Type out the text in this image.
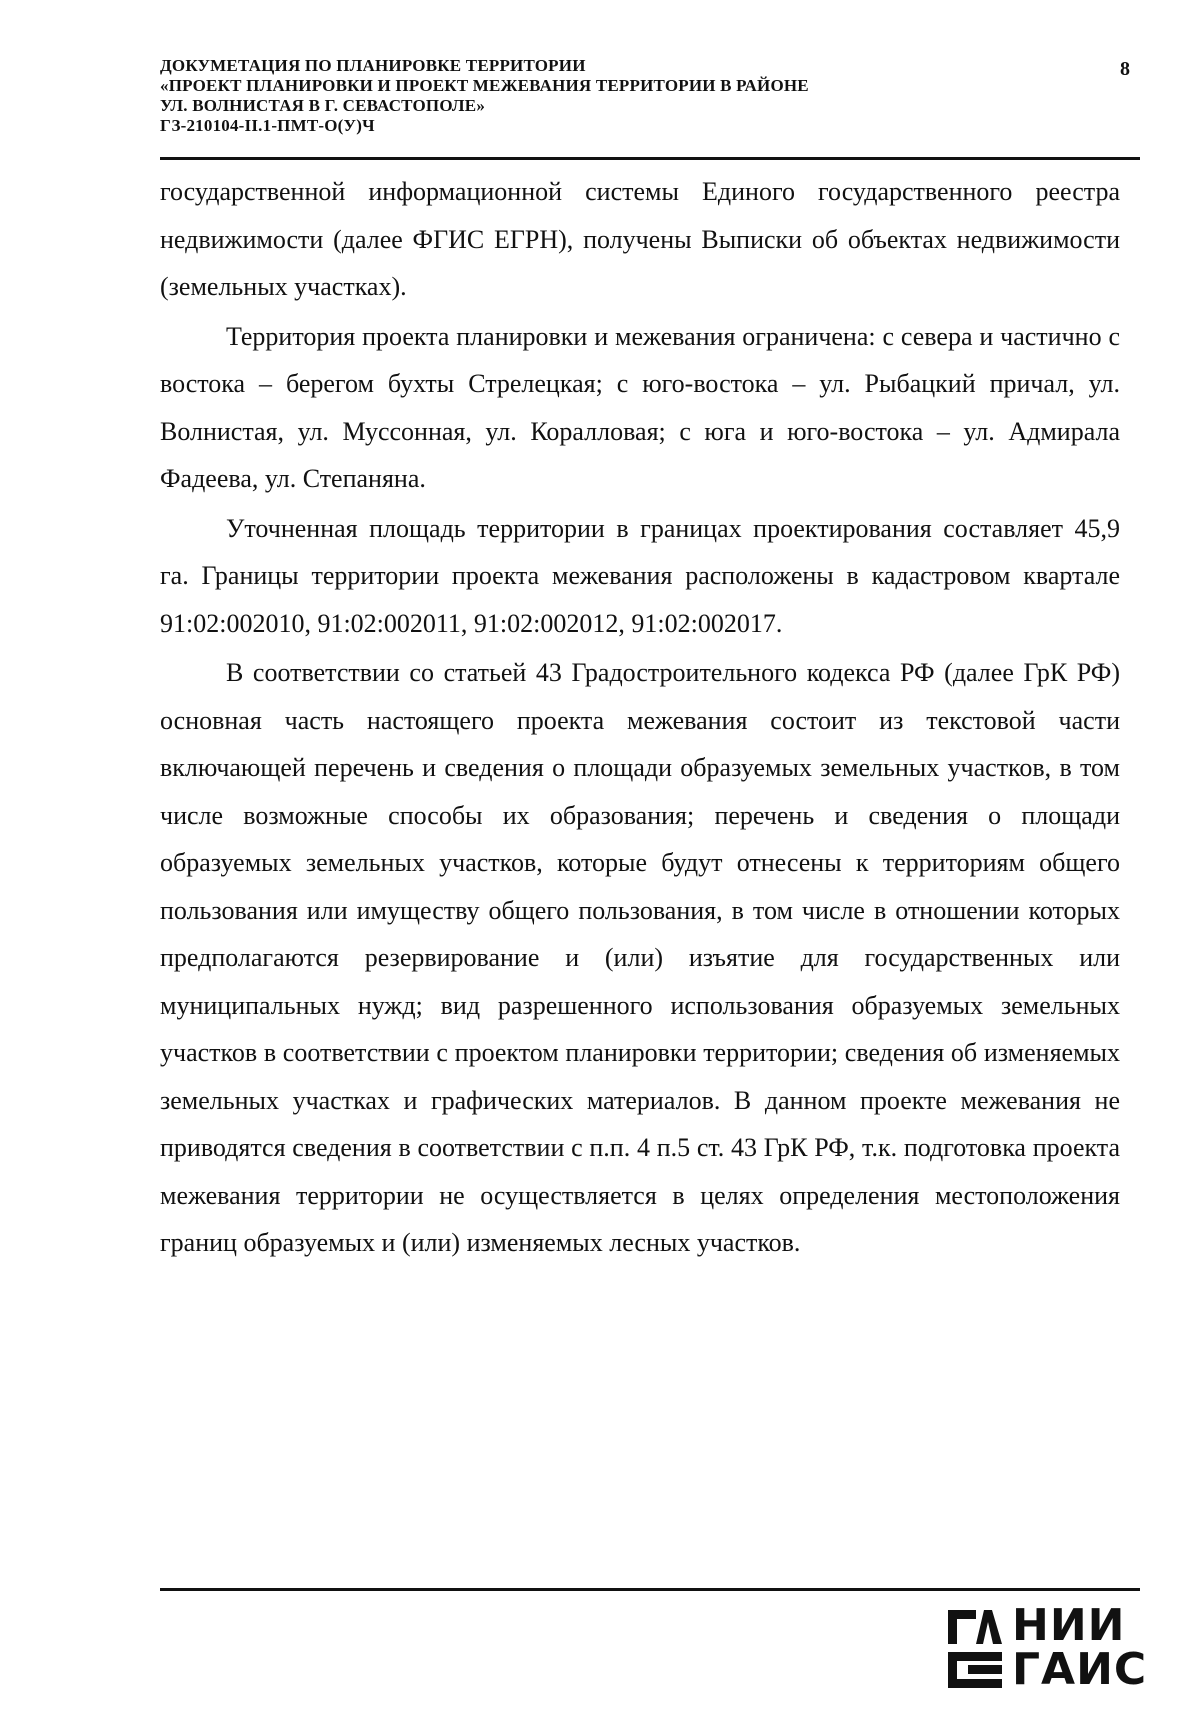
ДОКУМЕТАЦИЯ ПО ПЛАНИРОВКЕ ТЕРРИТОРИИ
«ПРОЕКТ ПЛАНИРОВКИ И ПРОЕКТ МЕЖЕВАНИЯ ТЕРРИТОРИИ В РАЙОНЕ
УЛ. ВОЛНИСТАЯ В Г. СЕВАСТОПОЛЕ»
ГЗ-210104-II.1-ПМТ-О(У)Ч
8

государственной информационной системы Единого государственного реестра недвижимости (далее ФГИС ЕГРН), получены Выписки об объектах недвижимости (земельных участках).

Территория проекта планировки и межевания ограничена: с севера и частично с востока – берегом бухты Стрелецкая; с юго-востока – ул. Рыбацкий причал, ул. Волнистая, ул. Муссонная, ул. Коралловая; с юга и юго-востока – ул. Адмирала Фадеева, ул. Степаняна.

Уточненная площадь территории в границах проектирования составляет 45,9 га. Границы территории проекта межевания расположены в кадастровом квартале 91:02:002010, 91:02:002011, 91:02:002012, 91:02:002017.

В соответствии со статьей 43 Градостроительного кодекса РФ (далее ГрК РФ) основная часть настоящего проекта межевания состоит из текстовой части включающей перечень и сведения о площади образуемых земельных участков, в том числе возможные способы их образования; перечень и сведения о площади образуемых земельных участков, которые будут отнесены к территориям общего пользования или имуществу общего пользования, в том числе в отношении которых предполагаются резервирование и (или) изъятие для государственных или муниципальных нужд; вид разрешенного использования образуемых земельных участков в соответствии с проектом планировки территории; сведения об изменяемых земельных участках и графических материалов. В данном проекте межевания не приводятся сведения в соответствии с п.п. 4 п.5 ст. 43 ГрК РФ, т.к. подготовка проекта межевания территории не осуществляется в целях определения местоположения границ образуемых и (или) изменяемых лесных участков.

НИИ
ГАИС
